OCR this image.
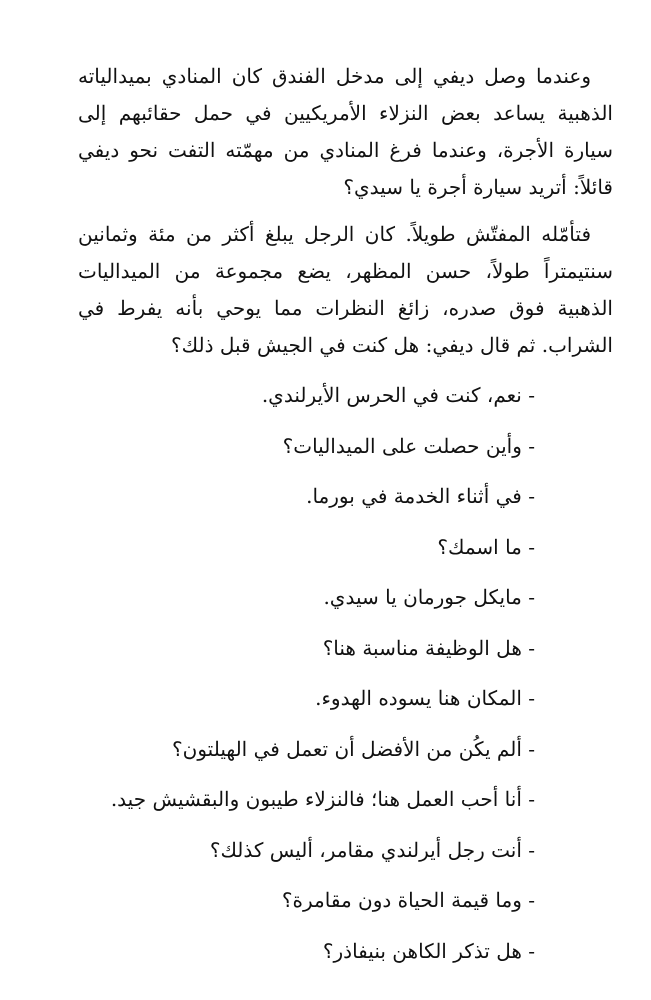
وعندما وصل ديفي إلى مدخل الفندق كان المنادي بميدالياته الذهبية يساعد بعض النزلاء الأمريكيين في حمل حقائبهم إلى سيارة الأجرة، وعندما فرغ المنادي من مهمّته التفت نحو ديفي قائلاً: أتريد سيارة أجرة يا سيدي؟

فتأمّله المفتّش طويلاً. كان الرجل يبلغ أكثر من مئة وثمانين سنتيمتراً طولاً، حسن المظهر، يضع مجموعة من الميداليات الذهبية فوق صدره، زائغ النظرات مما يوحي بأنه يفرط في الشراب. ثم قال ديفي: هل كنت في الجيش قبل ذلك؟

- نعم، كنت في الحرس الأيرلندي.
- وأين حصلت على الميداليات؟
- في أثناء الخدمة في بورما.
- ما اسمك؟
- مايكل جورمان يا سيدي.
- هل الوظيفة مناسبة هنا؟
- المكان هنا يسوده الهدوء.
- ألم يكُن من الأفضل أن تعمل في الهيلتون؟
- أنا أحب العمل هنا؛ فالنزلاء طيبون والبقشيش جيد.
- أنت رجل أيرلندي مقامر، أليس كذلك؟
- وما قيمة الحياة دون مقامرة؟
- هل تذكر الكاهن بنيفاذر؟
